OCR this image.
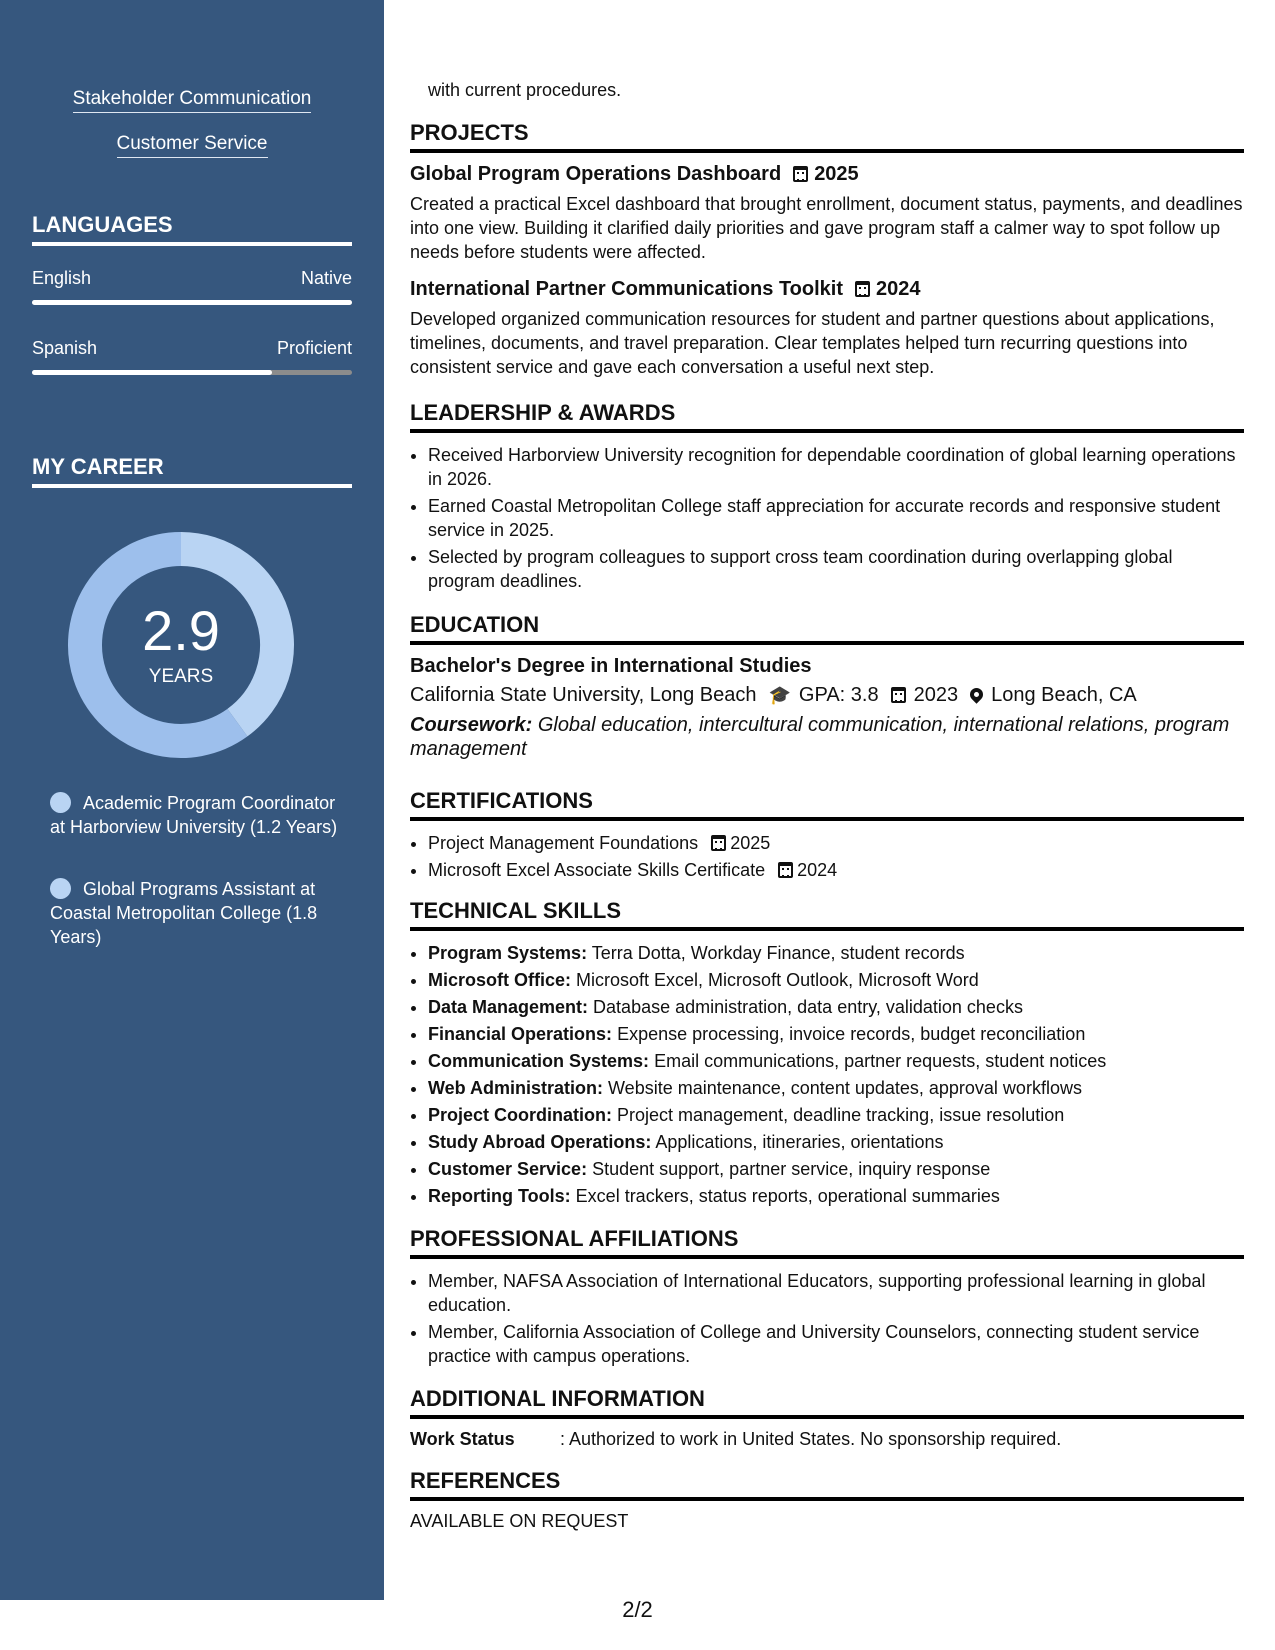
Stakeholder Communication
Customer Service
LANGUAGES
English	Native
Spanish	Proficient
MY CAREER
2.9
YEARS
Academic Program Coordinator at Harborview University (1.2 Years)
Global Programs Assistant at Coastal Metropolitan College (1.8 Years)
with current procedures.
PROJECTS
Global Program Operations Dashboard 2025
Created a practical Excel dashboard that brought enrollment, document status, payments, and deadlines into one view. Building it clarified daily priorities and gave program staff a calmer way to spot follow up needs before students were affected.
International Partner Communications Toolkit 2024
Developed organized communication resources for student and partner questions about applications, timelines, documents, and travel preparation. Clear templates helped turn recurring questions into consistent service and gave each conversation a useful next step.
LEADERSHIP & AWARDS
• Received Harborview University recognition for dependable coordination of global learning operations in 2026.
• Earned Coastal Metropolitan College staff appreciation for accurate records and responsive student service in 2025.
• Selected by program colleagues to support cross team coordination during overlapping global program deadlines.
EDUCATION
Bachelor's Degree in International Studies
California State University, Long Beach 🎓 GPA: 3.8 2023 Long Beach, CA
Coursework: Global education, intercultural communication, international relations, program management
CERTIFICATIONS
• Project Management Foundations 2025
• Microsoft Excel Associate Skills Certificate 2024
TECHNICAL SKILLS
• Program Systems: Terra Dotta, Workday Finance, student records
• Microsoft Office: Microsoft Excel, Microsoft Outlook, Microsoft Word
• Data Management: Database administration, data entry, validation checks
• Financial Operations: Expense processing, invoice records, budget reconciliation
• Communication Systems: Email communications, partner requests, student notices
• Web Administration: Website maintenance, content updates, approval workflows
• Project Coordination: Project management, deadline tracking, issue resolution
• Study Abroad Operations: Applications, itineraries, orientations
• Customer Service: Student support, partner service, inquiry response
• Reporting Tools: Excel trackers, status reports, operational summaries
PROFESSIONAL AFFILIATIONS
• Member, NAFSA Association of International Educators, supporting professional learning in global education.
• Member, California Association of College and University Counselors, connecting student service practice with campus operations.
ADDITIONAL INFORMATION
Work Status	: Authorized to work in United States. No sponsorship required.
REFERENCES
AVAILABLE ON REQUEST
2/2
